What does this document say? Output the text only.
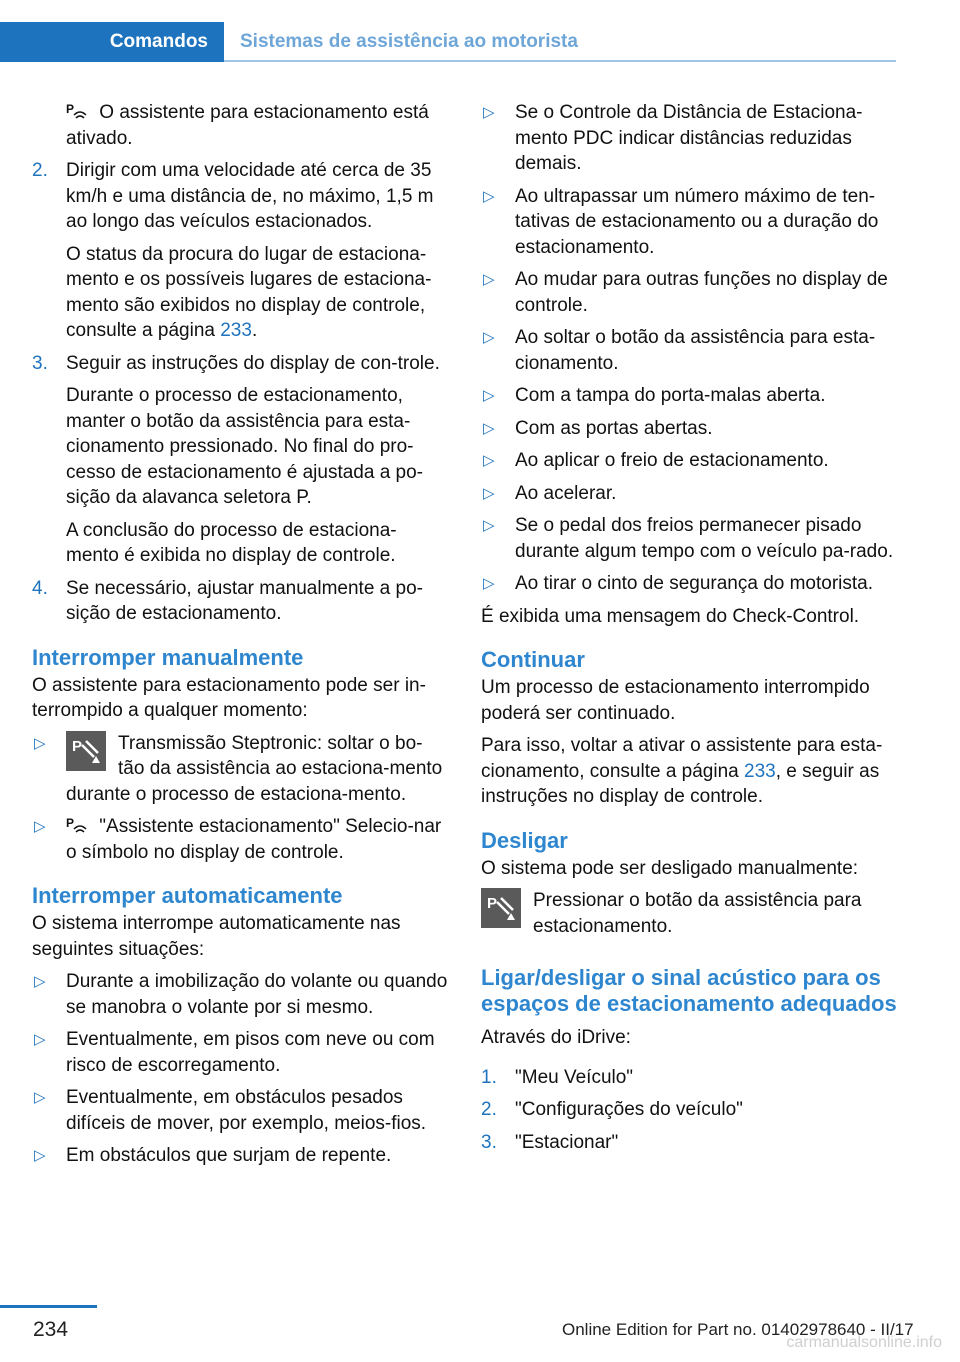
Comandos	Sistemas de assistência ao motorista

P O assistente para estacionamento está ativado.

2. Dirigir com uma velocidade até cerca de 35 km/h e uma distância de, no máximo, 1,5 m ao longo das veículos estacionados.

O status da procura do lugar de estaciona-mento e os possíveis lugares de estaciona-mento são exibidos no display de controle, consulte a página 233.

3. Seguir as instruções do display de con-trole.

Durante o processo de estacionamento, manter o botão da assistência para esta-cionamento pressionado. No final do pro-cesso de estacionamento é ajustada a po-sição da alavanca seletora P.

A conclusão do processo de estaciona-mento é exibida no display de controle.

4. Se necessário, ajustar manualmente a po-sição de estacionamento.

Interromper manualmente

O assistente para estacionamento pode ser in-terrompido a qualquer momento:

▷ P Transmissão Steptronic: soltar o bo-tão da assistência ao estaciona-mento durante o processo de estaciona-mento.
▷ P "Assistente estacionamento" Selecio-nar o símbolo no display de controle.
Interromper automaticamente

O sistema interrompe automaticamente nas seguintes situações:

▷ Durante a imobilização do volante ou quando se manobra o volante por si mesmo.
▷ Eventualmente, em pisos com neve ou com risco de escorregamento.
▷ Eventualmente, em obstáculos pesados difíceis de mover, por exemplo, meios-fios.
▷ Em obstáculos que surjam de repente.
▷ Se o Controle da Distância de Estaciona-mento PDC indicar distâncias reduzidas demais.
▷ Ao ultrapassar um número máximo de ten-tativas de estacionamento ou a duração do estacionamento.
▷ Ao mudar para outras funções no display de controle.
▷ Ao soltar o botão da assistência para esta-cionamento.
▷ Com a tampa do porta-malas aberta.
▷ Com as portas abertas.
▷ Ao aplicar o freio de estacionamento.
▷ Ao acelerar.
▷ Se o pedal dos freios permanecer pisado durante algum tempo com o veículo pa-rado.
▷ Ao tirar o cinto de segurança do motorista.

É exibida uma mensagem do Check-Control.

Continuar

Um processo de estacionamento interrompido poderá ser continuado.

Para isso, voltar a ativar o assistente para esta-cionamento, consulte a página 233, e seguir as instruções no display de controle.

Desligar

O sistema pode ser desligado manualmente:

P	Pressionar o botão da assistência para estacionamento.
Ligar/desligar o sinal acústico para os espaços de estacionamento adequados

Através do iDrive:

1. "Meu Veículo"
2. "Configurações do veículo"
3. "Estacionar"
234	Online Edition for Part no. 01402978640 - II/17
carmanualsonline.info
